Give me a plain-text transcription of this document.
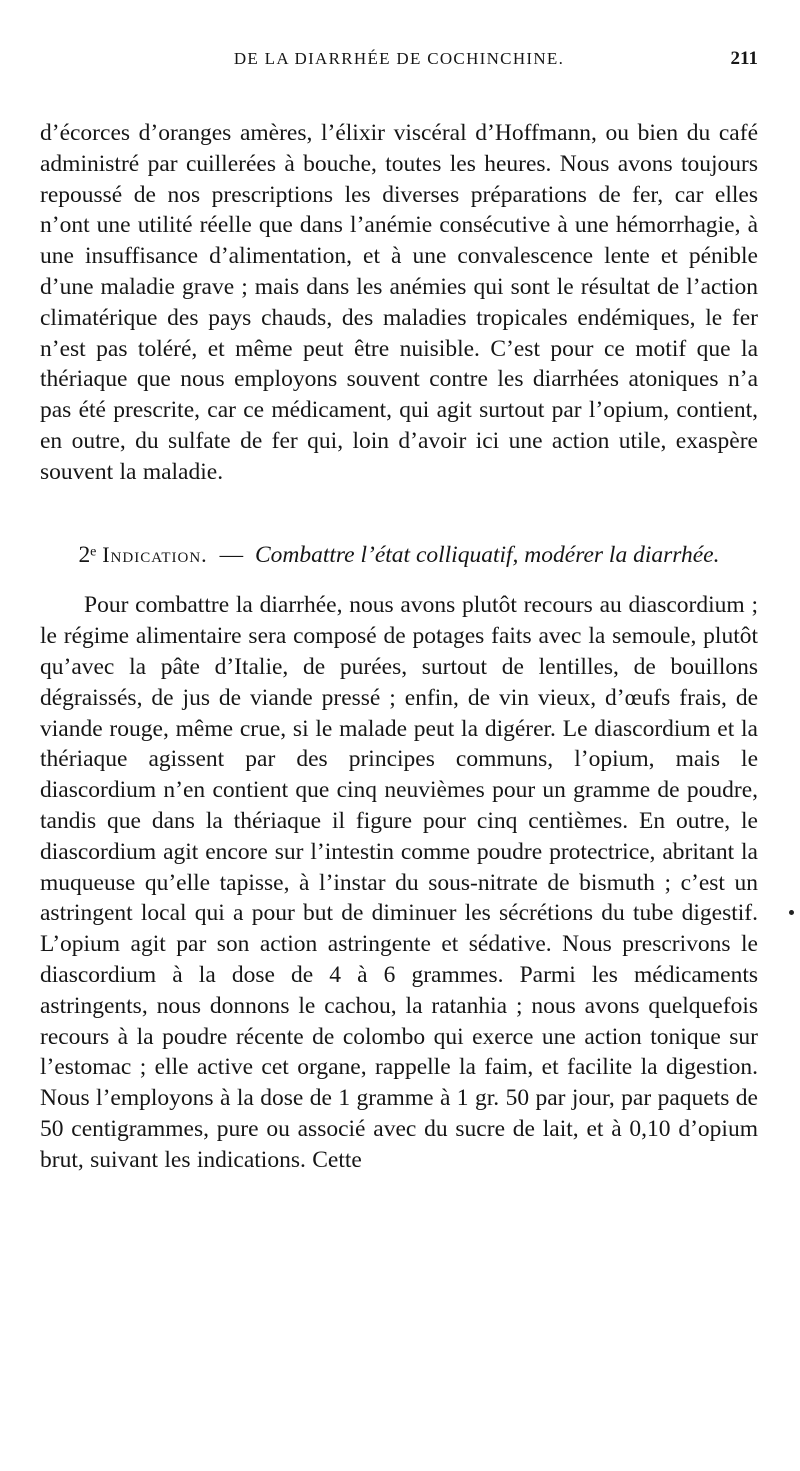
DE LA DIARRHÉE DE COCHINCHINE.	211

d’écorces d’oranges amères, l’élixir viscéral d’Hoffmann, ou bien du café administré par cuillerées à bouche, toutes les heures. Nous avons toujours repoussé de nos prescriptions les diverses préparations de fer, car elles n’ont une utilité réelle que dans l’anémie consécutive à une hémorrhagie, à une insuffisance d’alimentation, et à une convalescence lente et pénible d’une maladie grave ; mais dans les anémies qui sont le résultat de l’action climatérique des pays chauds, des maladies tropicales endémiques, le fer n’est pas toléré, et même peut être nuisible. C’est pour ce motif que la thériaque que nous employons souvent contre les diarrhées atoniques n’a pas été prescrite, car ce médicament, qui agit surtout par l’opium, contient, en outre, du sulfate de fer qui, loin d’avoir ici une action utile, exaspère souvent la maladie.

2ᵉ Indication. — Combattre l’état colliquatif, modérer la diarrhée.

Pour combattre la diarrhée, nous avons plutôt recours au diascordium ; le régime alimentaire sera composé de potages faits avec la semoule, plutôt qu’avec la pâte d’Italie, de purées, surtout de lentilles, de bouillons dégraissés, de jus de viande pressé ; enfin, de vin vieux, d’œufs frais, de viande rouge, même crue, si le malade peut la digérer. Le diascordium et la thériaque agissent par des principes communs, l’opium, mais le diascordium n’en contient que cinq neuvièmes pour un gramme de poudre, tandis que dans la thériaque il figure pour cinq centièmes. En outre, le diascordium agit encore sur l’intestin comme poudre protectrice, abritant la muqueuse qu’elle tapisse, à l’instar du sous-nitrate de bismuth ; c’est un astringent local qui a pour but de diminuer les sécrétions du tube digestif. L’opium agit par son action astringente et sédative. Nous prescrivons le diascordium à la dose de 4 à 6 grammes. Parmi les médicaments astringents, nous donnons le cachou, la ratanhia ; nous avons quelquefois recours à la poudre récente de colombo qui exerce une action tonique sur l’estomac ; elle active cet organe, rappelle la faim, et facilite la digestion. Nous l’employons à la dose de 1 gramme à 1 gr. 50 par jour, par paquets de 50 centigrammes, pure ou associé avec du sucre de lait, et à 0,10 d’opium brut, suivant les indications. Cette
